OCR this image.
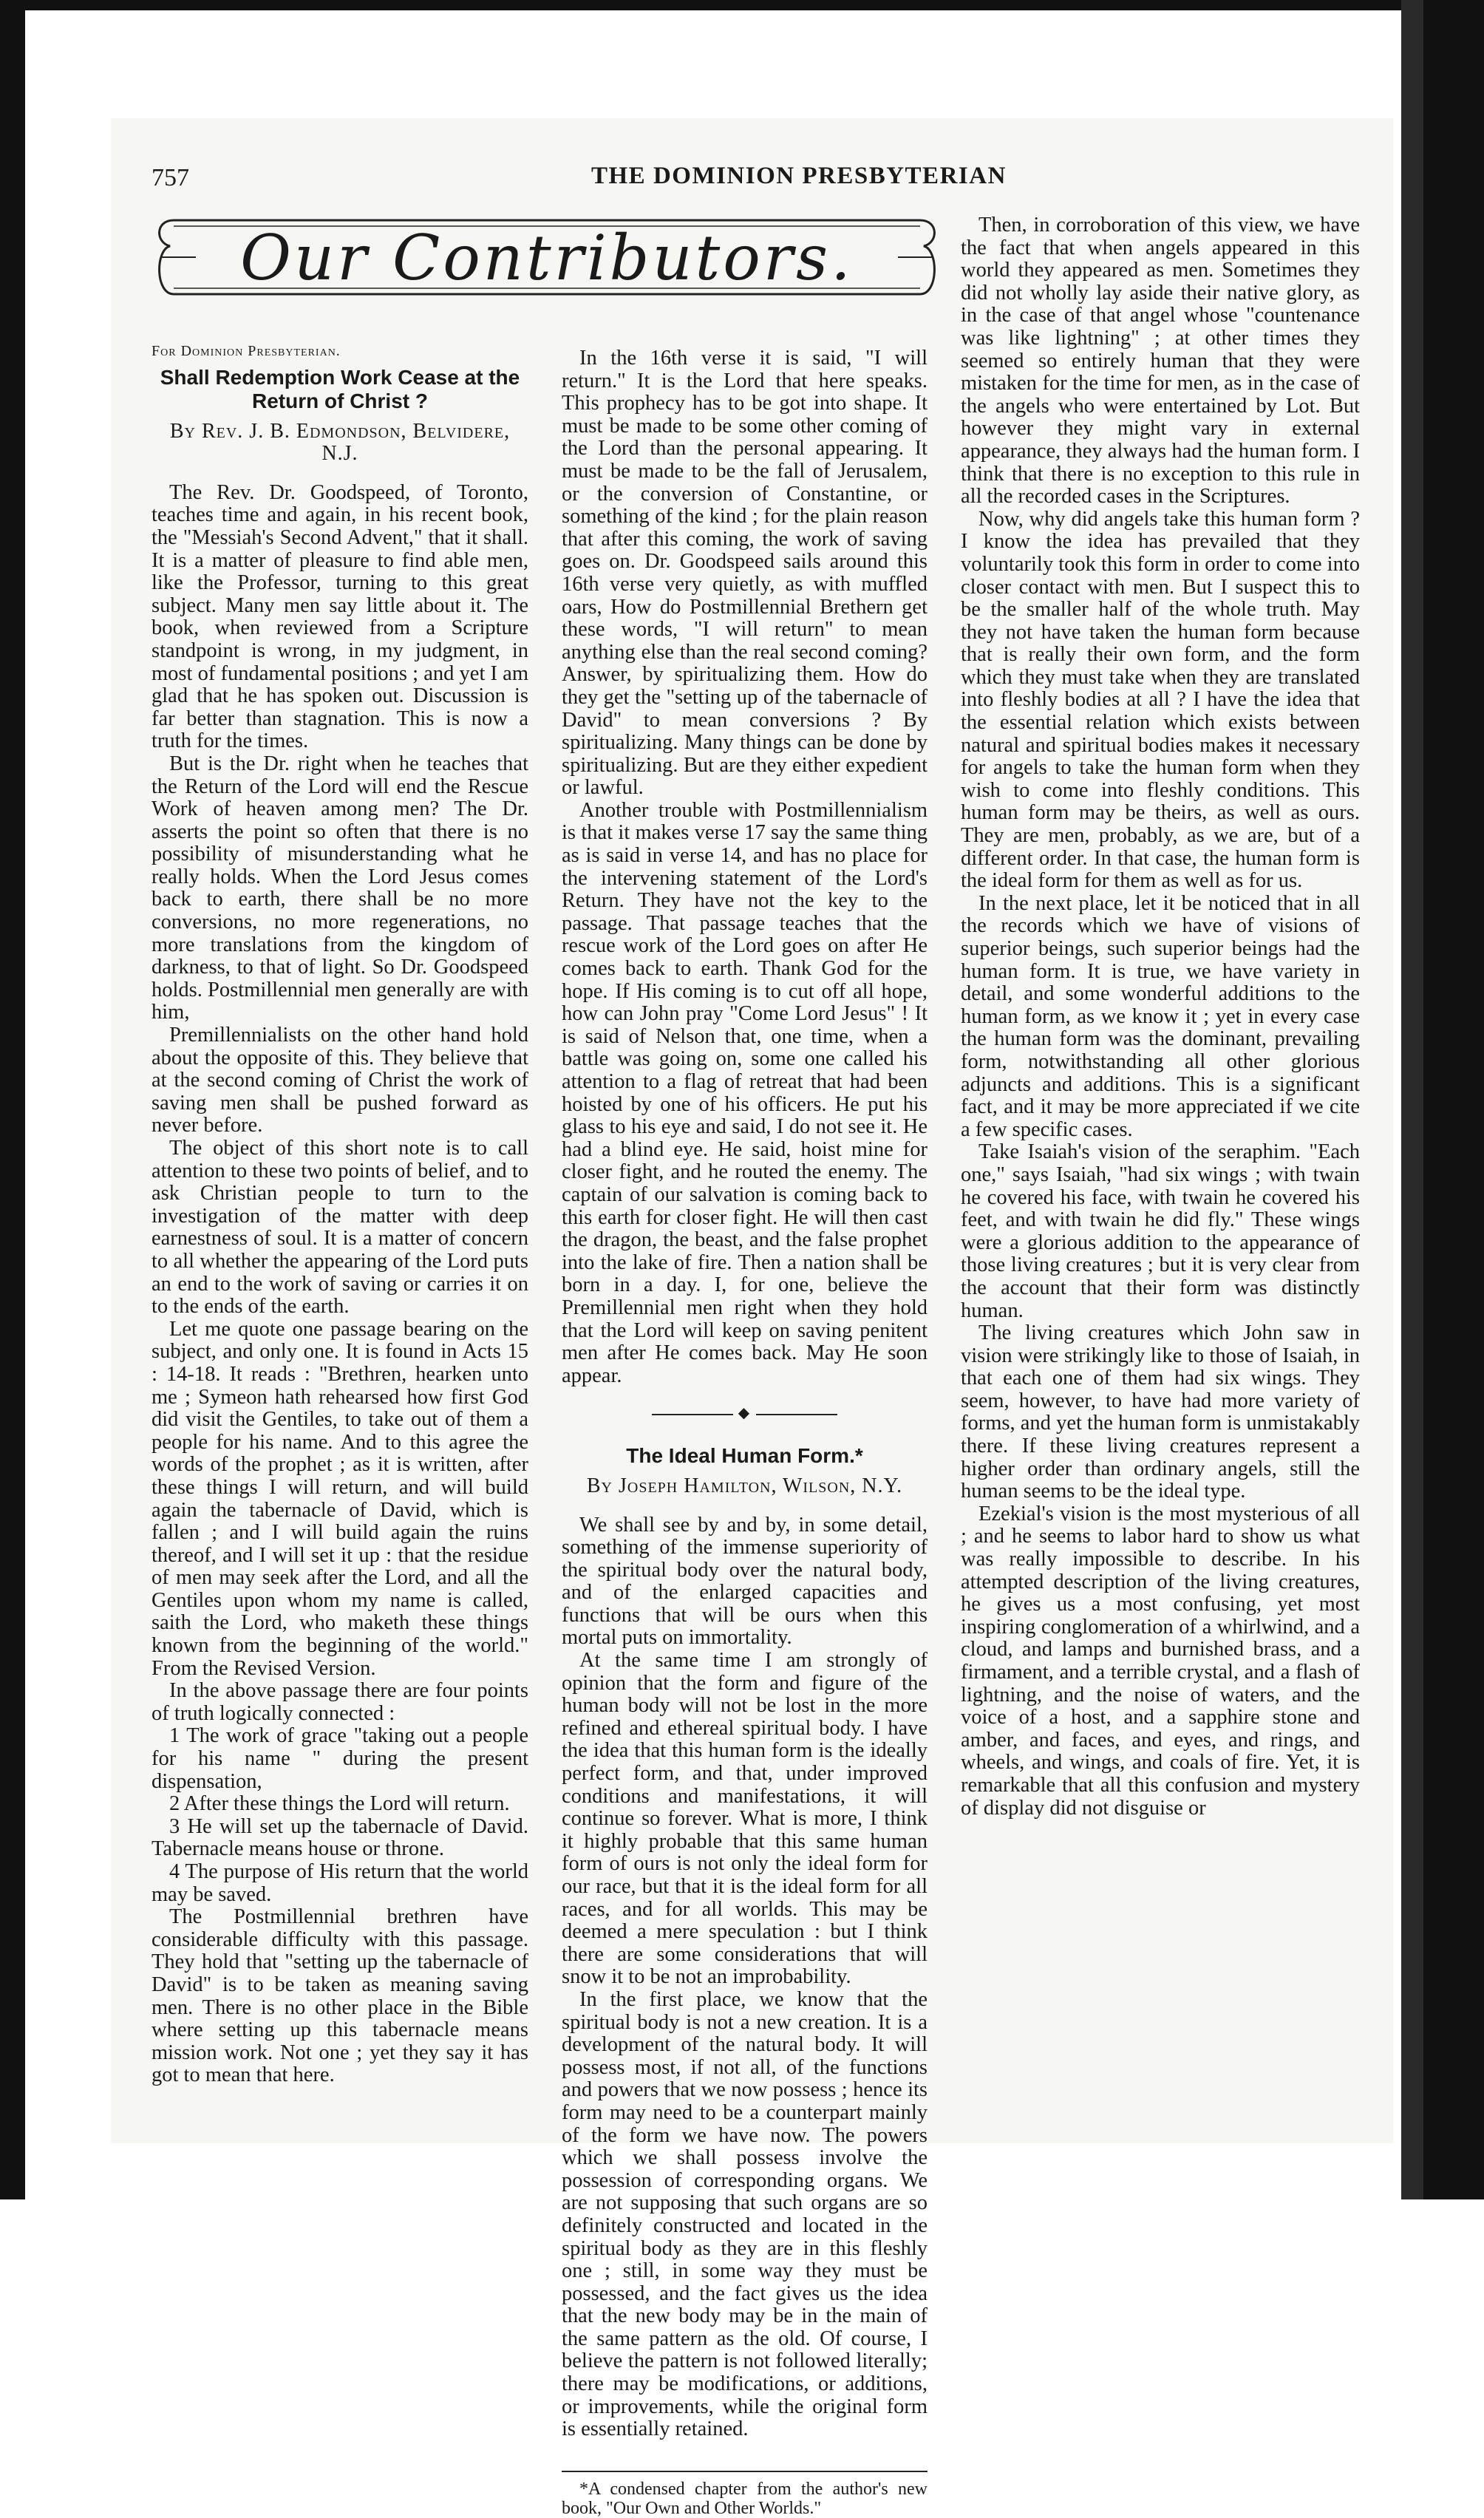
757	THE DOMINION PRESBYTERIAN
Our Contributors.

For Dominion Presbyterian.

Shall Redemption Work Cease at the Return of Christ ?
By Rev. J. B. Edmondson, Belvidere, N.J.

The Rev. Dr. Goodspeed, of Toronto, teaches time and again, in his recent book, the "Messiah's Second Advent," that it shall. It is a matter of pleasure to find able men, like the Professor, turning to this great subject. Many men say little about it. The book, when reviewed from a Scripture standpoint is wrong, in my judgment, in most of fundamental positions ; and yet I am glad that he has spoken out. Discussion is far better than stagnation. This is now a truth for the times.

But is the Dr. right when he teaches that the Return of the Lord will end the Rescue Work of heaven among men? The Dr. asserts the point so often that there is no possibility of misunderstanding what he really holds. When the Lord Jesus comes back to earth, there shall be no more conversions, no more regenerations, no more translations from the kingdom of darkness, to that of light. So Dr. Goodspeed holds. Postmillennial men generally are with him,

Premillennialists on the other hand hold about the opposite of this. They believe that at the second coming of Christ the work of saving men shall be pushed forward as never before.

The object of this short note is to call attention to these two points of belief, and to ask Christian people to turn to the investigation of the matter with deep earnestness of soul. It is a matter of concern to all whether the appearing of the Lord puts an end to the work of saving or carries it on to the ends of the earth.

Let me quote one passage bearing on the subject, and only one. It is found in Acts 15 : 14-18. It reads : "Brethren, hearken unto me ; Symeon hath rehearsed how first God did visit the Gentiles, to take out of them a people for his name. And to this agree the words of the prophet ; as it is written, after these things I will return, and will build again the tabernacle of David, which is fallen ; and I will build again the ruins thereof, and I will set it up : that the residue of men may seek after the Lord, and all the Gentiles upon whom my name is called, saith the Lord, who maketh these things known from the beginning of the world." From the Revised Version.

In the above passage there are four points of truth logically connected :

1 The work of grace "taking out a people for his name " during the present dispensation,

2 After these things the Lord will return.

3 He will set up the tabernacle of David. Tabernacle means house or throne.

4 The purpose of His return that the world may be saved.

The Postmillennial brethren have considerable difficulty with this passage. They hold that "setting up the tabernacle of David" is to be taken as meaning saving men. There is no other place in the Bible where setting up this tabernacle means mission work. Not one ; yet they say it has got to mean that here.

In the 16th verse it is said, "I will return." It is the Lord that here speaks. This prophecy has to be got into shape. It must be made to be some other coming of the Lord than the personal appearing. It must be made to be the fall of Jerusalem, or the conversion of Constantine, or something of the kind ; for the plain reason that after this coming, the work of saving goes on. Dr. Goodspeed sails around this 16th verse very quietly, as with muffled oars, How do Postmillennial Brethern get these words, "I will return" to mean anything else than the real second coming? Answer, by spiritualizing them. How do they get the "setting up of the tabernacle of David" to mean conversions ? By spiritualizing. Many things can be done by spiritualizing. But are they either expedient or lawful.

Another trouble with Postmillennialism is that it makes verse 17 say the same thing as is said in verse 14, and has no place for the intervening statement of the Lord's Return. They have not the key to the passage. That passage teaches that the rescue work of the Lord goes on after He comes back to earth. Thank God for the hope. If His coming is to cut off all hope, how can John pray "Come Lord Jesus" ! It is said of Nelson that, one time, when a battle was going on, some one called his attention to a flag of retreat that had been hoisted by one of his officers. He put his glass to his eye and said, I do not see it. He had a blind eye. He said, hoist mine for closer fight, and he routed the enemy. The captain of our salvation is coming back to this earth for closer fight. He will then cast the dragon, the beast, and the false prophet into the lake of fire. Then a nation shall be born in a day. I, for one, believe the Premillennial men right when they hold that the Lord will keep on saving penitent men after He comes back. May He soon appear.

◆
The Ideal Human Form.*
By Joseph Hamilton, Wilson, N.Y.

We shall see by and by, in some detail, something of the immense superiority of the spiritual body over the natural body, and of the enlarged capacities and functions that will be ours when this mortal puts on immortality.

At the same time I am strongly of opinion that the form and figure of the human body will not be lost in the more refined and ethereal spiritual body. I have the idea that this human form is the ideally perfect form, and that, under improved conditions and manifestations, it will continue so forever. What is more, I think it highly probable that this same human form of ours is not only the ideal form for our race, but that it is the ideal form for all races, and for all worlds. This may be deemed a mere speculation : but I think there are some considerations that will snow it to be not an improbability.

In the first place, we know that the spiritual body is not a new creation. It is a development of the natural body. It will possess most, if not all, of the functions and powers that we now possess ; hence its form may need to be a counterpart mainly of the form we have now. The powers which we shall possess involve the possession of corresponding organs. We are not supposing that such organs are so definitely constructed and located in the spiritual body as they are in this fleshly one ; still, in some way they must be possessed, and the fact gives us the idea that the new body may be in the main of the same pattern as the old. Of course, I believe the pattern is not followed literally; there may be modifications, or additions, or improvements, while the original form is essentially retained.

*A condensed chapter from the author's new book, "Our Own and Other Worlds."

Then, in corroboration of this view, we have the fact that when angels appeared in this world they appeared as men. Sometimes they did not wholly lay aside their native glory, as in the case of that angel whose "countenance was like lightning" ; at other times they seemed so entirely human that they were mistaken for the time for men, as in the case of the angels who were entertained by Lot. But however they might vary in external appearance, they always had the human form. I think that there is no exception to this rule in all the recorded cases in the Scriptures.

Now, why did angels take this human form ? I know the idea has prevailed that they voluntarily took this form in order to come into closer contact with men. But I suspect this to be the smaller half of the whole truth. May they not have taken the human form because that is really their own form, and the form which they must take when they are translated into fleshly bodies at all ? I have the idea that the essential relation which exists between natural and spiritual bodies makes it necessary for angels to take the human form when they wish to come into fleshly conditions. This human form may be theirs, as well as ours. They are men, probably, as we are, but of a different order. In that case, the human form is the ideal form for them as well as for us.

In the next place, let it be noticed that in all the records which we have of visions of superior beings, such superior beings had the human form. It is true, we have variety in detail, and some wonderful additions to the human form, as we know it ; yet in every case the human form was the dominant, prevailing form, notwithstanding all other glorious adjuncts and additions. This is a significant fact, and it may be more appreciated if we cite a few specific cases.

Take Isaiah's vision of the seraphim. "Each one," says Isaiah, "had six wings ; with twain he covered his face, with twain he covered his feet, and with twain he did fly." These wings were a glorious addition to the appearance of those living creatures ; but it is very clear from the account that their form was distinctly human.

The living creatures which John saw in vision were strikingly like to those of Isaiah, in that each one of them had six wings. They seem, however, to have had more variety of forms, and yet the human form is unmistakably there. If these living creatures represent a higher order than ordinary angels, still the human seems to be the ideal type.

Ezekial's vision is the most mysterious of all ; and he seems to labor hard to show us what was really impossible to describe. In his attempted description of the living creatures, he gives us a most confusing, yet most inspiring conglomeration of a whirlwind, and a cloud, and lamps and burnished brass, and a firmament, and a terrible crystal, and a flash of lightning, and the noise of waters, and the voice of a host, and a sapphire stone and amber, and faces, and eyes, and rings, and wheels, and wings, and coals of fire. Yet, it is remarkable that all this confusion and mystery of display did not disguise or
